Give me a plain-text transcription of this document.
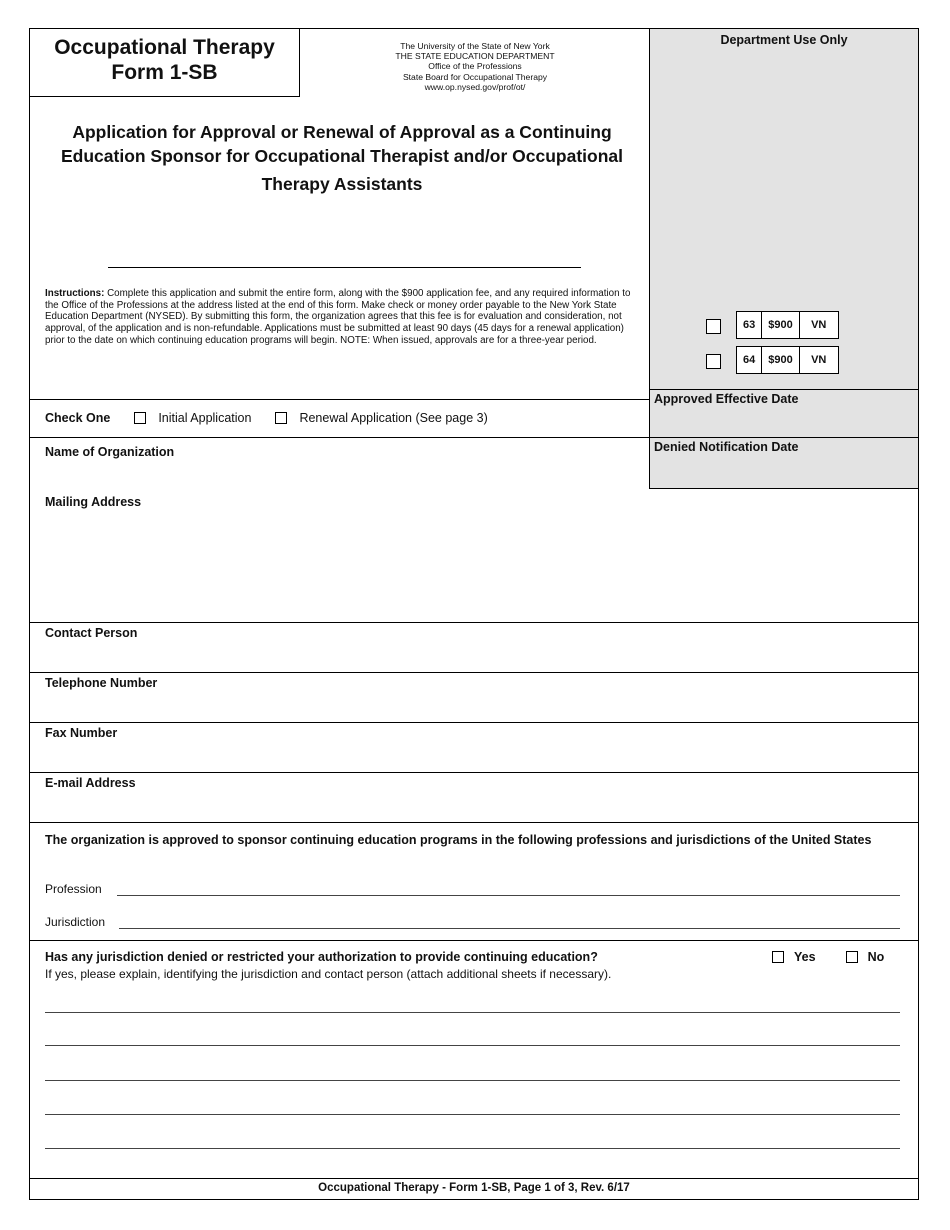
Department Use Only
63	$900	VN
64	$900	VN
Approved Effective Date
Denied Notification Date
Occupational Therapy
Form 1-SB
The University of the State of New York
THE STATE EDUCATION DEPARTMENT
Office of the Professions
State Board for Occupational Therapy
www.op.nysed.gov/prof/ot/
Application for Approval or Renewal of Approval as a Continuing
Education Sponsor for Occupational Therapist and/or Occupational
Therapy Assistants
Instructions: Complete this application and submit the entire form, along with the $900 application fee, and any required information to the Office of the Professions at the address listed at the end of this form. Make check or money order payable to the New York State Education Department (NYSED). By submitting this form, the organization agrees that this fee is for evaluation and consideration, not approval, of the application and is non-refundable. Applications must be submitted at least 90 days (45 days for a renewal application) prior to the date on which continuing education programs will begin. NOTE: When issued, approvals are for a three-year period.
Check One	Initial Application	Renewal Application (See page 3)
Name of Organization
Mailing Address
Contact Person
Telephone Number
Fax Number
E-mail Address
The organization is approved to sponsor continuing education programs in the following professions and jurisdictions of the United States
Profession
Jurisdiction
Has any jurisdiction denied or restricted your authorization to provide continuing education?	Yes	No
If yes, please explain, identifying the jurisdiction and contact person (attach additional sheets if necessary).
Occupational Therapy - Form 1-SB, Page 1 of 3, Rev. 6/17
